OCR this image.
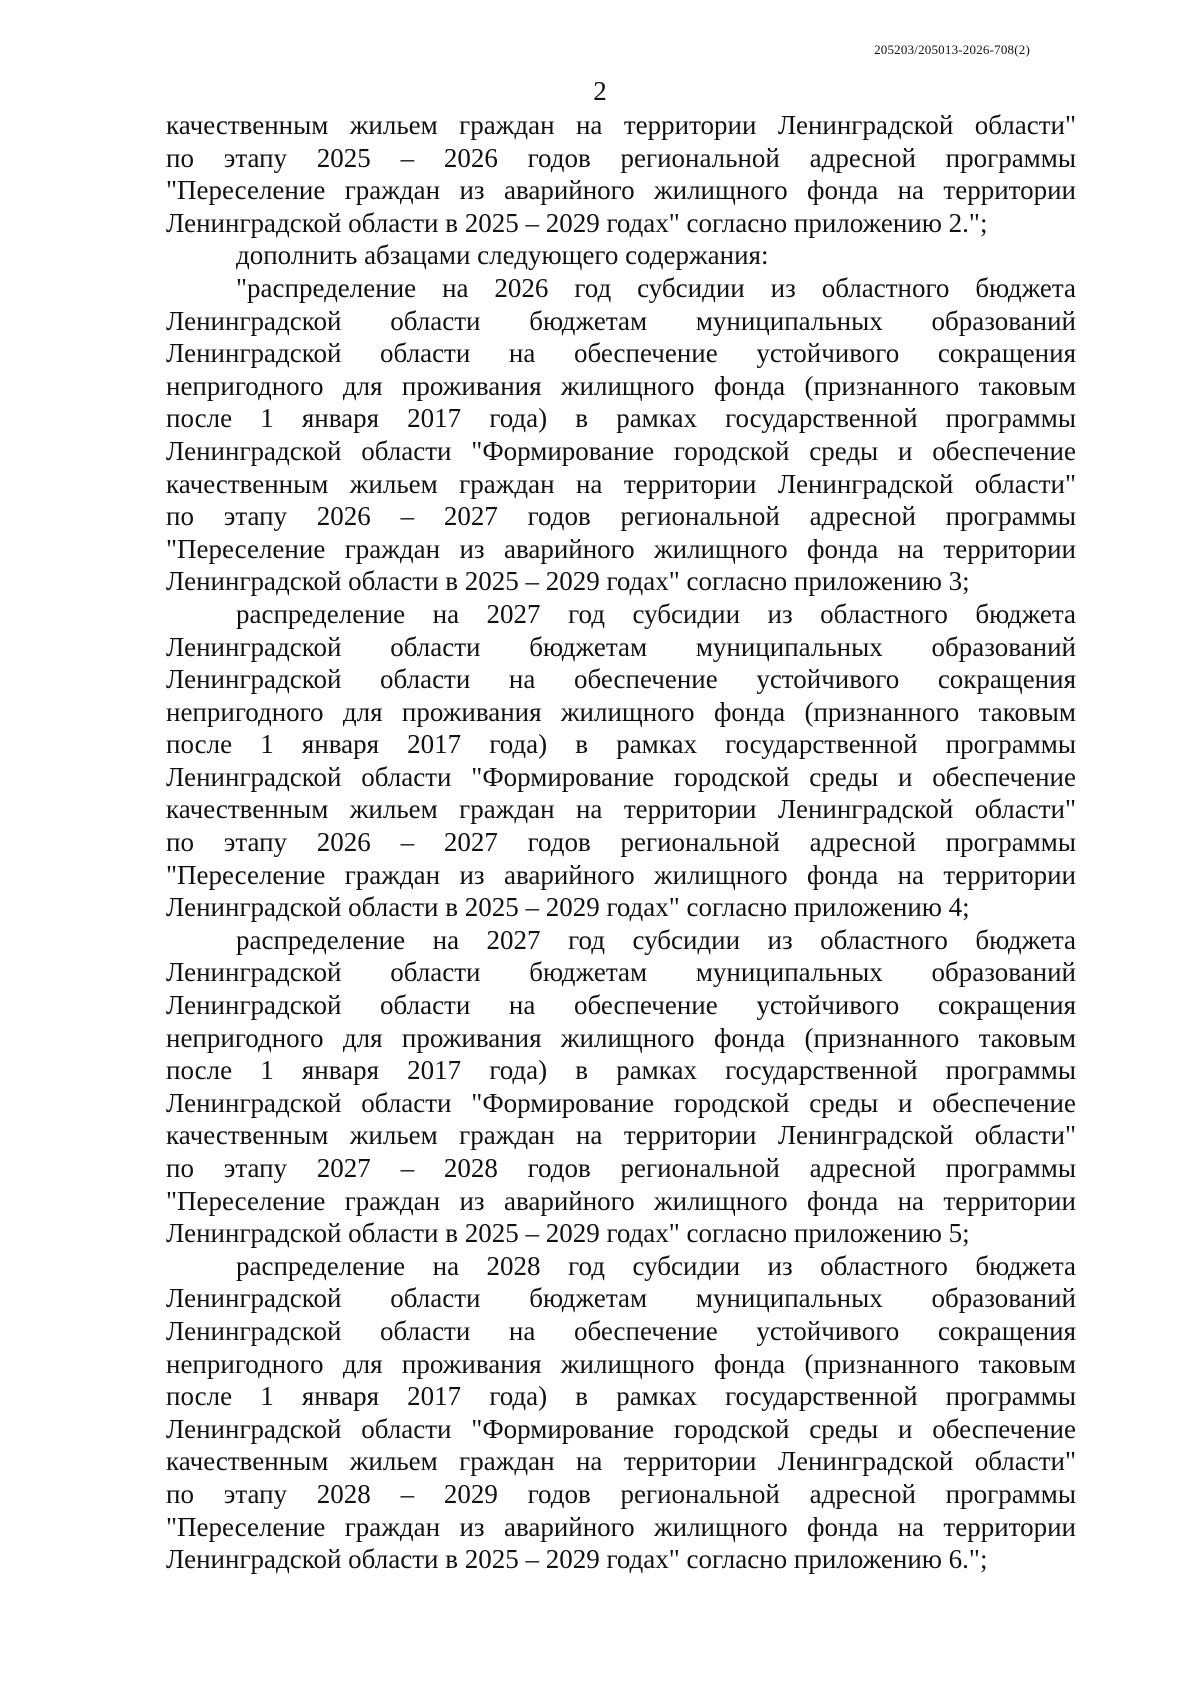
205203/205013-2026-708(2)
2
качественным жильем граждан на территории Ленинградской области"
по этапу 2025 – 2026 годов региональной адресной программы
"Переселение граждан из аварийного жилищного фонда на территории
Ленинградской области в 2025 – 2029 годах" согласно приложению 2.";
дополнить абзацами следующего содержания:
"распределение на 2026 год субсидии из областного бюджета
Ленинградской области бюджетам муниципальных образований
Ленинградской области на обеспечение устойчивого сокращения
непригодного для проживания жилищного фонда (признанного таковым
после 1 января 2017 года) в рамках государственной программы
Ленинградской области "Формирование городской среды и обеспечение
качественным жильем граждан на территории Ленинградской области"
по этапу 2026 – 2027 годов региональной адресной программы
"Переселение граждан из аварийного жилищного фонда на территории
Ленинградской области в 2025 – 2029 годах" согласно приложению 3;
распределение на 2027 год субсидии из областного бюджета
Ленинградской области бюджетам муниципальных образований
Ленинградской области на обеспечение устойчивого сокращения
непригодного для проживания жилищного фонда (признанного таковым
после 1 января 2017 года) в рамках государственной программы
Ленинградской области "Формирование городской среды и обеспечение
качественным жильем граждан на территории Ленинградской области"
по этапу 2026 – 2027 годов региональной адресной программы
"Переселение граждан из аварийного жилищного фонда на территории
Ленинградской области в 2025 – 2029 годах" согласно приложению 4;
распределение на 2027 год субсидии из областного бюджета
Ленинградской области бюджетам муниципальных образований
Ленинградской области на обеспечение устойчивого сокращения
непригодного для проживания жилищного фонда (признанного таковым
после 1 января 2017 года) в рамках государственной программы
Ленинградской области "Формирование городской среды и обеспечение
качественным жильем граждан на территории Ленинградской области"
по этапу 2027 – 2028 годов региональной адресной программы
"Переселение граждан из аварийного жилищного фонда на территории
Ленинградской области в 2025 – 2029 годах" согласно приложению 5;
распределение на 2028 год субсидии из областного бюджета
Ленинградской области бюджетам муниципальных образований
Ленинградской области на обеспечение устойчивого сокращения
непригодного для проживания жилищного фонда (признанного таковым
после 1 января 2017 года) в рамках государственной программы
Ленинградской области "Формирование городской среды и обеспечение
качественным жильем граждан на территории Ленинградской области"
по этапу 2028 – 2029 годов региональной адресной программы
"Переселение граждан из аварийного жилищного фонда на территории
Ленинградской области в 2025 – 2029 годах" согласно приложению 6.";
